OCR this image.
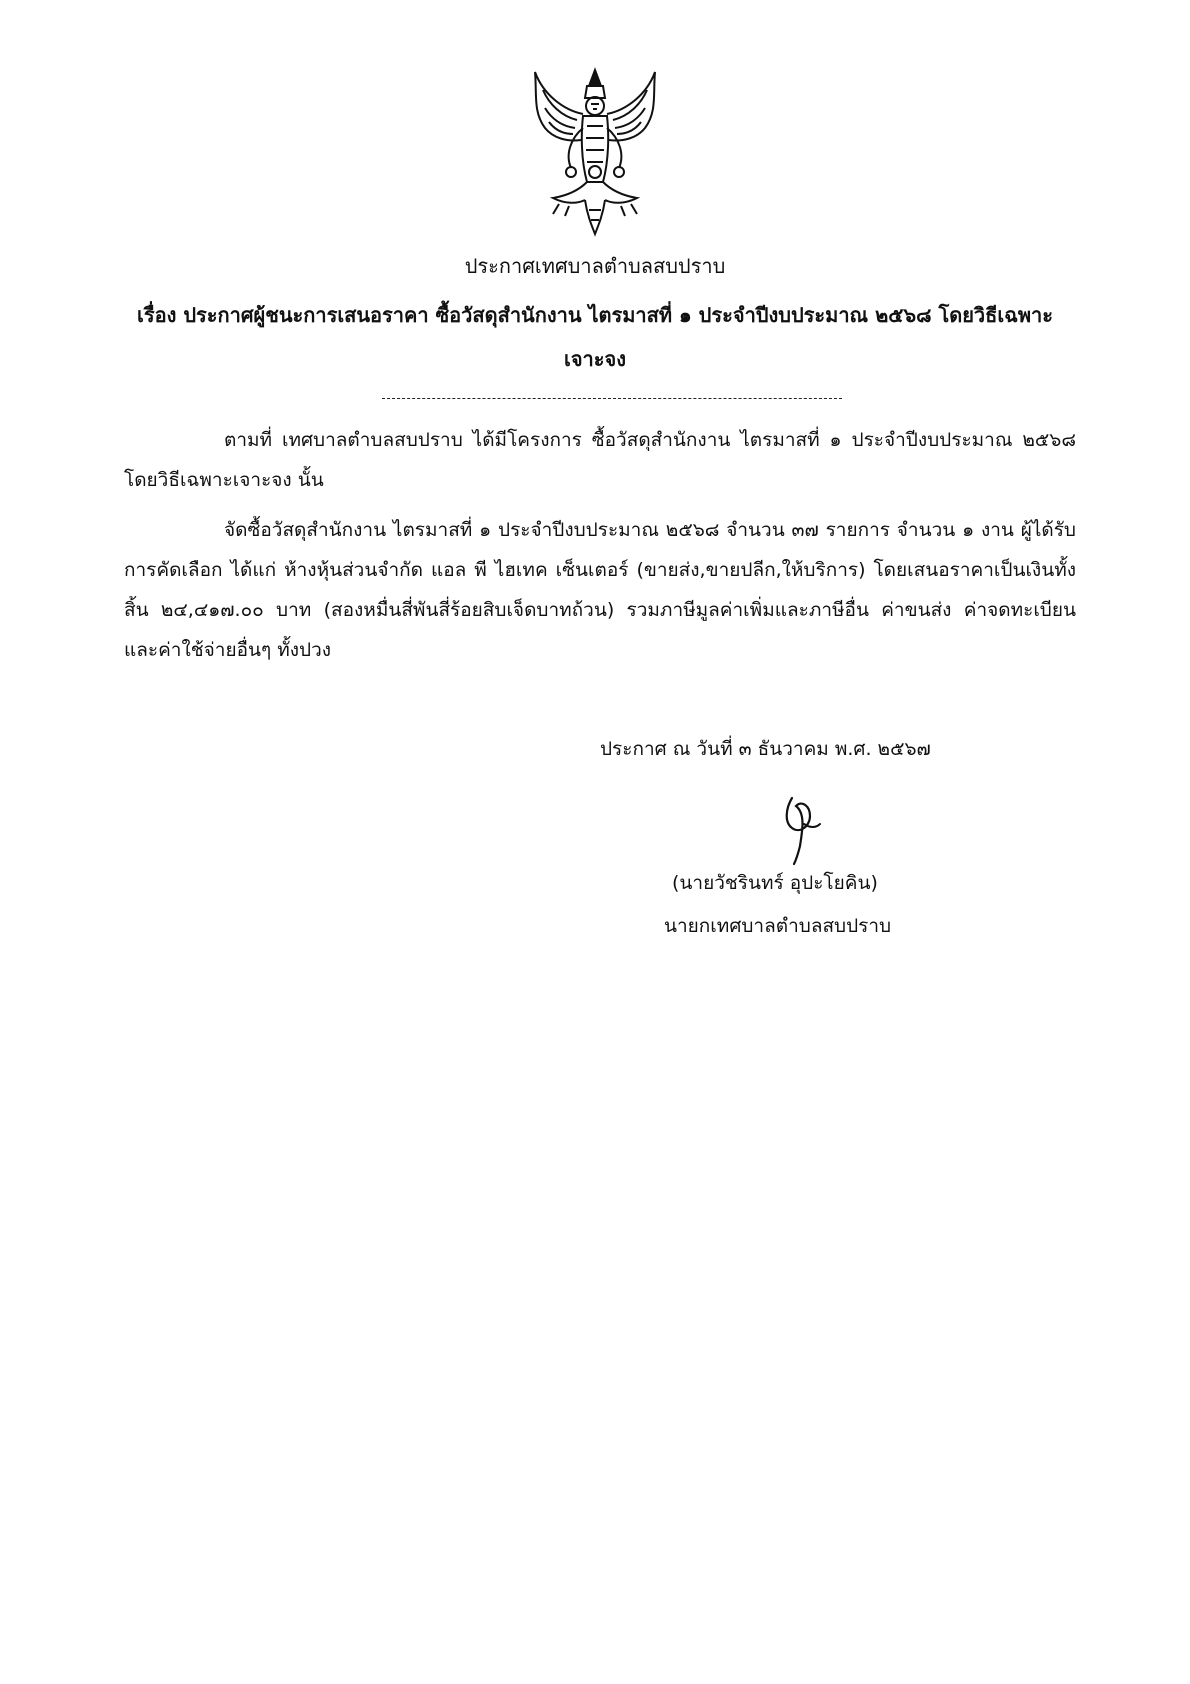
ประกาศเทศบาลตำบลสบปราบ
เรื่อง ประกาศผู้ชนะการเสนอราคา ซื้อวัสดุสำนักงาน ไตรมาสที่ ๑ ประจำปีงบประมาณ ๒๕๖๘ โดยวิธีเฉพาะเจาะจง
ตามที่ เทศบาลตำบลสบปราบ ได้มีโครงการ ซื้อวัสดุสำนักงาน ไตรมาสที่ ๑ ประจำปีงบประมาณ ๒๕๖๘ โดยวิธีเฉพาะเจาะจง นั้น
จัดซื้อวัสดุสำนักงาน ไตรมาสที่ ๑ ประจำปีงบประมาณ ๒๕๖๘ จำนวน ๓๗ รายการ จำนวน ๑ งาน ผู้ได้รับการคัดเลือก ได้แก่ ห้างหุ้นส่วนจำกัด แอล พี ไฮเทค เซ็นเตอร์ (ขายส่ง,ขายปลีก,ให้บริการ) โดยเสนอราคาเป็นเงินทั้งสิ้น ๒๔,๔๑๗.๐๐ บาท (สองหมื่นสี่พันสี่ร้อยสิบเจ็ดบาทถ้วน) รวมภาษีมูลค่าเพิ่มและภาษีอื่น ค่าขนส่ง ค่าจดทะเบียน และค่าใช้จ่ายอื่นๆ ทั้งปวง
ประกาศ ณ วันที่ ๓ ธันวาคม พ.ศ. ๒๕๖๗
(นายวัชรินทร์ อุปะโยคิน)
นายกเทศบาลตำบลสบปราบ
